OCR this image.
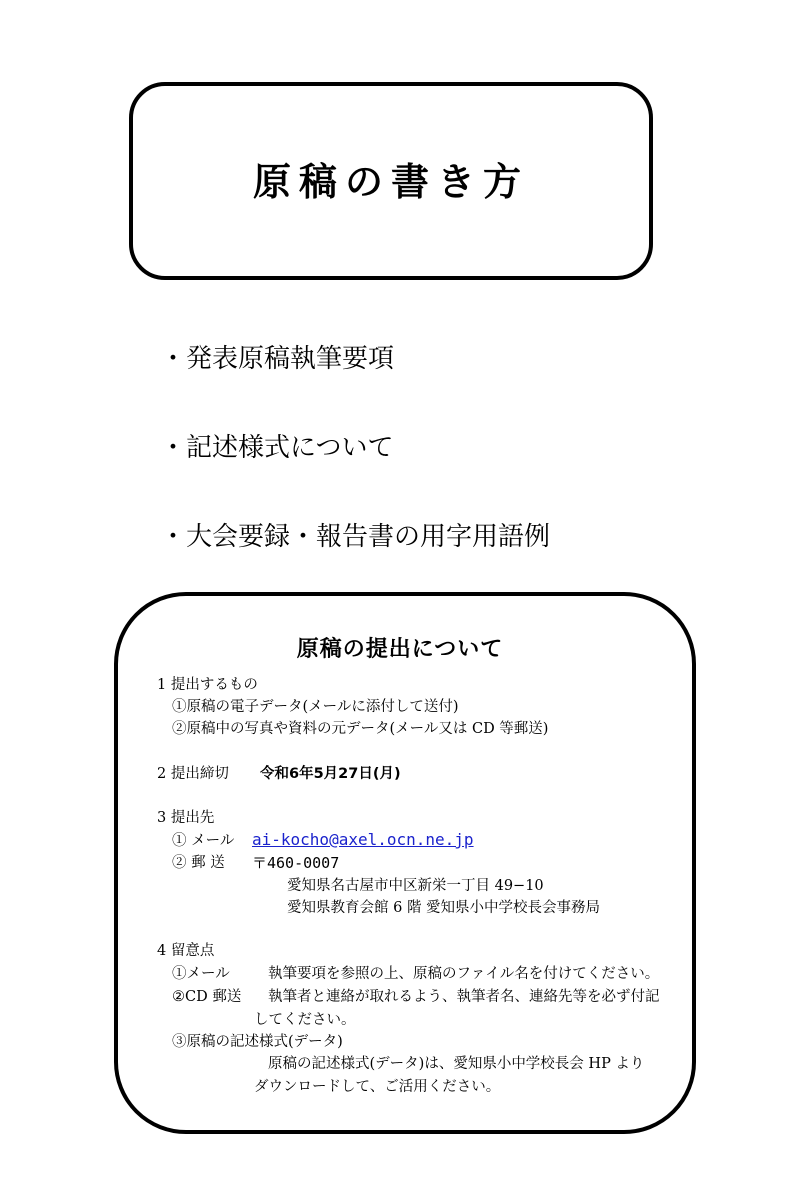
原稿の書き方
・発表原稿執筆要項
・記述様式について
・大会要録・報告書の用字用語例
原稿の提出について
1 提出するもの
①原稿の電子データ(メールに添付して送付)
②原稿中の写真や資料の元データ(メール又は CD 等郵送)
2 提出締切 令和6年5月27日(月)
3 提出先
① メール ai-kocho@axel.ocn.ne.jp
② 郵 送 〒460-0007
愛知県名古屋市中区新栄一丁目 49−10
愛知県教育会館 6 階 愛知県小中学校長会事務局
4 留意点
①メール	執筆要項を参照の上、原稿のファイル名を付けてください。
②CD 郵送 執筆者と連絡が取れるよう、執筆者名、連絡先等を必ず付記
してください。
③原稿の記述様式(データ)
原稿の記述様式(データ)は、愛知県小中学校長会 HP より
ダウンロードして、ご活用ください。
